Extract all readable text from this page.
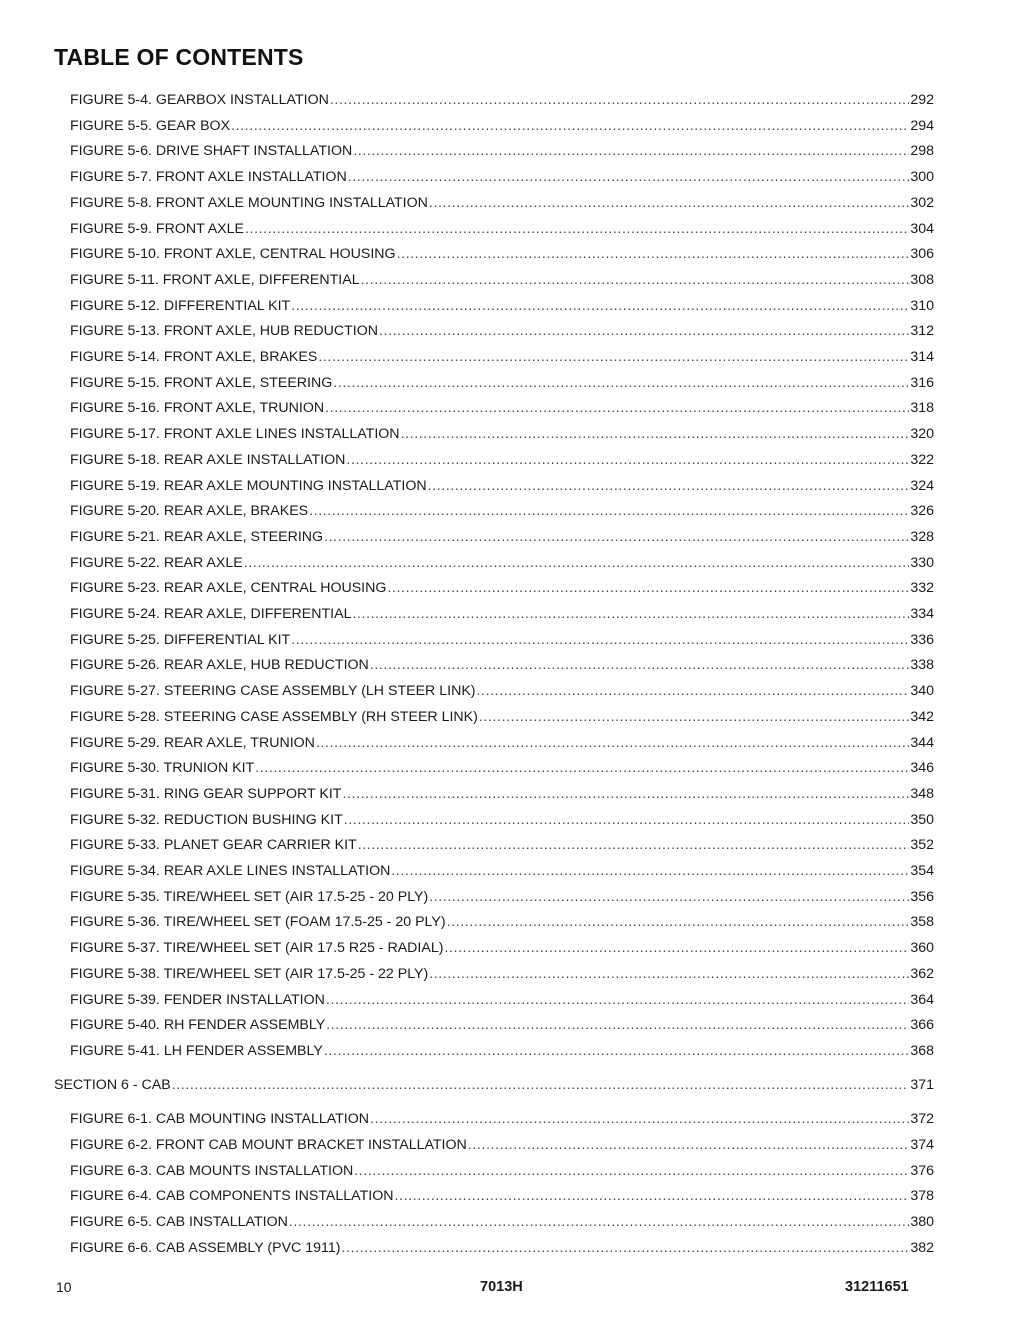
TABLE OF CONTENTS
FIGURE 5-4. GEARBOX INSTALLATION .....	292
FIGURE 5-5. GEAR BOX .....	294
FIGURE 5-6. DRIVE SHAFT INSTALLATION .....	298
FIGURE 5-7. FRONT AXLE INSTALLATION .....	300
FIGURE 5-8. FRONT AXLE MOUNTING INSTALLATION .....	302
FIGURE 5-9. FRONT AXLE .....	304
FIGURE 5-10. FRONT AXLE, CENTRAL HOUSING .....	306
FIGURE 5-11. FRONT AXLE, DIFFERENTIAL .....	308
FIGURE 5-12. DIFFERENTIAL KIT .....	310
FIGURE 5-13. FRONT AXLE, HUB REDUCTION .....	312
FIGURE 5-14. FRONT AXLE, BRAKES .....	314
FIGURE 5-15. FRONT AXLE, STEERING .....	316
FIGURE 5-16. FRONT AXLE, TRUNION .....	318
FIGURE 5-17. FRONT AXLE LINES INSTALLATION .....	320
FIGURE 5-18. REAR AXLE INSTALLATION .....	322
FIGURE 5-19. REAR AXLE MOUNTING INSTALLATION .....	324
FIGURE 5-20. REAR AXLE, BRAKES .....	326
FIGURE 5-21. REAR AXLE, STEERING .....	328
FIGURE 5-22. REAR AXLE .....	330
FIGURE 5-23. REAR AXLE, CENTRAL HOUSING .....	332
FIGURE 5-24. REAR AXLE, DIFFERENTIAL .....	334
FIGURE 5-25. DIFFERENTIAL KIT .....	336
FIGURE 5-26. REAR AXLE, HUB REDUCTION .....	338
FIGURE 5-27. STEERING CASE ASSEMBLY (LH STEER LINK) .....	340
FIGURE 5-28. STEERING CASE ASSEMBLY (RH STEER LINK) .....	342
FIGURE 5-29. REAR AXLE, TRUNION .....	344
FIGURE 5-30. TRUNION KIT .....	346
FIGURE 5-31. RING GEAR SUPPORT KIT .....	348
FIGURE 5-32. REDUCTION BUSHING KIT .....	350
FIGURE 5-33. PLANET GEAR CARRIER KIT .....	352
FIGURE 5-34. REAR AXLE LINES INSTALLATION .....	354
FIGURE 5-35. TIRE/WHEEL SET (AIR 17.5-25 - 20 PLY) .....	356
FIGURE 5-36. TIRE/WHEEL SET (FOAM 17.5-25 - 20 PLY) .....	358
FIGURE 5-37. TIRE/WHEEL SET (AIR 17.5 R25 - RADIAL) .....	360
FIGURE 5-38. TIRE/WHEEL SET (AIR 17.5-25 - 22 PLY) .....	362
FIGURE 5-39. FENDER INSTALLATION .....	364
FIGURE 5-40. RH FENDER ASSEMBLY .....	366
FIGURE 5-41. LH FENDER ASSEMBLY .....	368
SECTION 6 - CAB .....	371
FIGURE 6-1. CAB MOUNTING INSTALLATION .....	372
FIGURE 6-2. FRONT CAB MOUNT BRACKET INSTALLATION .....	374
FIGURE 6-3. CAB MOUNTS INSTALLATION .....	376
FIGURE 6-4. CAB COMPONENTS INSTALLATION .....	378
FIGURE 6-5. CAB INSTALLATION .....	380
FIGURE 6-6. CAB ASSEMBLY (PVC 1911) .....	382
10	7013H	31211651
